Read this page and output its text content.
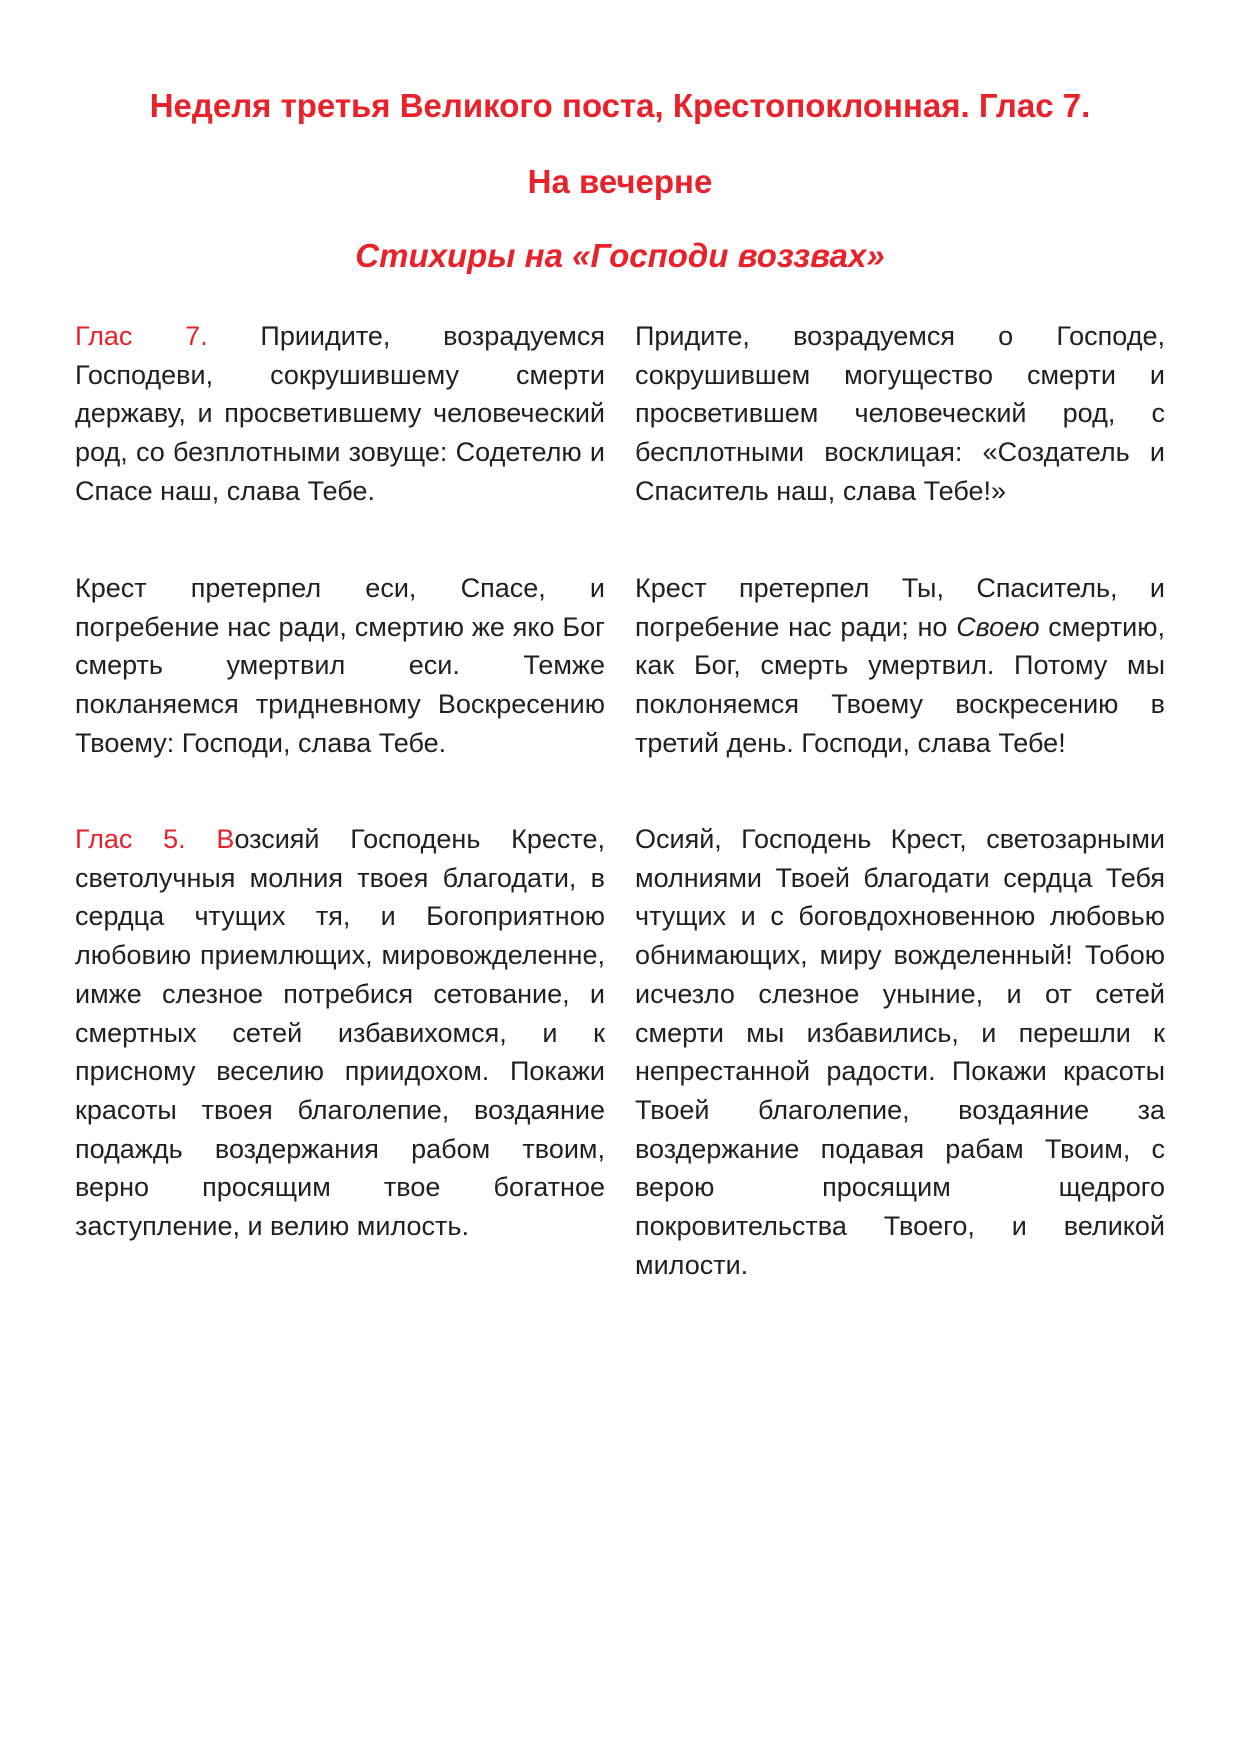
Неделя третья Великого поста, Крестопоклонная. Глас 7.
На вечерне
Стихиры на «Господи воззвах»

Глас 7. Приидите, возрадуемся Господеви, сокрушившему смерти державу, и просветившему человеческий род, со безплотными зовуще: Содетелю и Спасе наш, слава Тебе.

Придите, возрадуемся о Господе, сокрушившем могущество смерти и просветившем человеческий род, с бесплотными восклицая: «Создатель и Спаситель наш, слава Тебе!»

Крест претерпел еси, Спасе, и погребение нас ради, смертию же яко Бог смерть умертвил еси. Темже покланяемся тридневному Воскресению Твоему: Господи, слава Тебе.

Крест претерпел Ты, Спаситель, и погребение нас ради; но Своею смертию, как Бог, смерть умертвил. Потому мы поклоняемся Твоему воскресению в третий день. Господи, слава Тебе!

Глас 5. Возсияй Господень Кресте, светолучныя молния твоея благодати, в сердца чтущих тя, и Богоприятною любовию приемлющих, мировожделенне, имже слезное потребися сетование, и смертных сетей избавихомся, и к присному веселию приидохом. Покажи красоты твоея благолепие, воздаяние подаждь воздержания рабом твоим, верно просящим твое богатное заступление, и велию милость.

Осияй, Господень Крест, светозарными молниями Твоей благодати сердца Тебя чтущих и с боговдохновенною любовью обнимающих, миру вожделенный! Тобою исчезло слезное уныние, и от сетей смерти мы избавились, и перешли к непрестанной радости. Покажи красоты Твоей благолепие, воздаяние за воздержание подавая рабам Твоим, с верою просящим щедрого покровительства Твоего, и великой милости.
